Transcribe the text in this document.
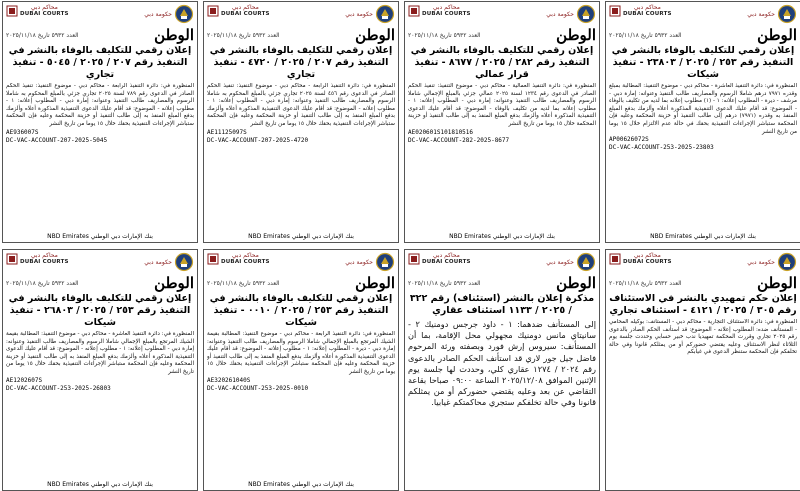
محاكم دبي
DUBAI COURTS	حكومة دبي
العدد ٥٩٣٢ تاريخ ٢٠٢٥/١١/١٨	الوطن
إعلان رقمي للتكليف بالوفاء بالنشر في التنفيذ رقم ٢٠٧ / ٢٠٢٥ / ٥٠٤٥ - تنفيذ تجاري
المنظورة في: دائرة التنفيذ الرابعة - محاكم دبي - موضوع التنفيذ: تنفيذ الحكم الصادر في الدعوى رقم ٧٨٩ لسنة ٢٠٢٥ تجاري جزئي بالمبلغ المحكوم به شاملا الرسوم والمصاريف طالب التنفيذ وعنوانه: إمارة دبي - المطلوب إعلانه: ١ - مطلوب إعلانه - الموضوع: قد أقام عليك الدعوى التنفيذية المذكورة أعلاه وألزمك بدفع المبلغ المنفذ به إلى طالب التنفيذ أو خزينة المحكمة وعليه فإن المحكمة ستباشر الإجراءات التنفيذية بحقك خلال ١٥ يوما من تاريخ النشر
AE936007S
DC-VAC-ACCOUNT-207-2025-5045
بنك الإمارات دبي الوطني NBD Emirates
محاكم دبي
DUBAI COURTS	حكومة دبي
العدد ٥٩٣٢ تاريخ ٢٠٢٥/١١/١٨	الوطن
إعلان رقمي للتكليف بالوفاء بالنشر في التنفيذ رقم ٢٠٧ / ٢٠٢٥ / ٤٧٢٠ - تنفيذ تجاري
المنظورة في: دائرة التنفيذ الرابعة - محاكم دبي - موضوع التنفيذ: تنفيذ الحكم الصادر في الدعوى رقم ٤٥٦ لسنة ٢٠٢٥ تجاري جزئي بالمبلغ المحكوم به شاملا الرسوم والمصاريف طالب التنفيذ وعنوانه: إمارة دبي - المطلوب إعلانه: ١ - مطلوب إعلانه - الموضوع: قد أقام عليك الدعوى التنفيذية المذكورة أعلاه وألزمك بدفع المبلغ المنفذ به إلى طالب التنفيذ أو خزينة المحكمة وعليه فإن المحكمة ستباشر الإجراءات التنفيذية بحقك خلال ١٥ يوما من تاريخ النشر
AE11125097S
DC-VAC-ACCOUNT-207-2025-4720
بنك الإمارات دبي الوطني NBD Emirates
محاكم دبي
DUBAI COURTS	حكومة دبي
العدد ٥٩٣٢ تاريخ ٢٠٢٥/١١/١٨	الوطن
إعلان رقمي للتكليف بالوفاء بالنشر في التنفيذ رقم ٢٨٢ / ٢٠٢٥ / ٨٦٧٧ - تنفيذ قرار عمالي
المنظورة في: دائرة التنفيذ العمالية - محاكم دبي - موضوع التنفيذ: تنفيذ الحكم الصادر في الدعوى رقم ١٢٣٤ لسنة ٢٠٢٥ عمالي جزئي بالمبلغ الإجمالي شاملا الرسوم والمصاريف طالب التنفيذ وعنوانه: إمارة دبي - المطلوب إعلانه: ١ - مطلوب إعلانه بما لديه من تكليف بالوفاء - الموضوع: قد أقام عليك الدعوى التنفيذية المذكورة أعلاه وألزمك بدفع المبلغ المنفذ به إلى طالب التنفيذ أو خزينة المحكمة خلال ١٥ يوما من تاريخ النشر
AE020601S101810516
DC-VAC-ACCOUNT-282-2025-8677
بنك الإمارات دبي الوطني NBD Emirates
محاكم دبي
DUBAI COURTS	حكومة دبي
العدد ٥٩٣٢ تاريخ ٢٠٢٥/١١/١٨	الوطن
إعلان رقمي للتكليف بالوفاء بالنشر في التنفيذ رقم ٢٥٣ / ٢٠٢٥ / ٢٣٨٠٣ - تنفيذ شيكات
المنظورة في: دائرة التنفيذ العاشرة - محاكم دبي - موضوع التنفيذ: المطالبة بمبلغ وقدره ٧٩٧١ درهم شاملا الرسوم والمصاريف طالب التنفيذ وعنوانه: إمارة دبي - مرشف - ديرة - المطلوب إعلانه: ١ - (١) مطلوب إعلانه بما لديه من تكليف بالوفاء - الموضوع: قد أقام عليك الدعوى التنفيذية المذكورة أعلاه وألزمك بدفع المبلغ المنفذ به وقدره (٧٩٧١) درهم إلى طالب التنفيذ أو خزينة المحكمة وعليه فإن المحكمة ستباشر الإجراءات التنفيذية بحقك في حالة عدم الالتزام خلال ١٥ يوما من تاريخ النشر
AP00626072S
DC-VAC-ACCOUNT-253-2025-23803
بنك الإمارات دبي الوطني NBD Emirates
محاكم دبي
DUBAI COURTS	حكومة دبي
العدد ٥٩٣٢ تاريخ ٢٠٢٥/١١/١٨	الوطن
إعلان رقمي للتكليف بالوفاء بالنشر في التنفيذ رقم ٢٥٣ / ٢٠٢٥ / ٢٦٨٠٣ - تنفيذ شيكات
المنظورة في: دائرة التنفيذ العاشرة - محاكم دبي - موضوع التنفيذ: المطالبة بقيمة الشيك المرتجع بالمبلغ الإجمالي شاملا الرسوم والمصاريف طالب التنفيذ وعنوانه: إمارة دبي - المطلوب إعلانه: ١ - مطلوب إعلانه - الموضوع: قد أقام عليك الدعوى التنفيذية المذكورة أعلاه وألزمك بدفع المبلغ المنفذ به إلى طالب التنفيذ أو خزينة المحكمة وعليه فإن المحكمة ستباشر الإجراءات التنفيذية بحقك خلال ١٥ يوما من تاريخ النشر
AE1202607S
DC-VAC-ACCOUNT-253-2025-26803
بنك الإمارات دبي الوطني NBD Emirates
محاكم دبي
DUBAI COURTS	حكومة دبي
العدد ٥٩٣٢ تاريخ ٢٠٢٥/١١/١٨	الوطن
إعلان رقمي للتكليف بالوفاء بالنشر في التنفيذ رقم ٢٥٣ / ٢٠٢٥ / ٠٠١٠ - تنفيذ شيكات
المنظورة في: دائرة التنفيذ الرابعة - محاكم دبي - موضوع التنفيذ: المطالبة بقيمة الشيك المرتجع بالمبلغ الإجمالي شاملا الرسوم والمصاريف طالب التنفيذ وعنوانه: إمارة دبي - ديرة - المطلوب إعلانه: ١ - مطلوب إعلانه - الموضوع: قد أقام عليك الدعوى التنفيذية المذكورة أعلاه وألزمك بدفع المبلغ المنفذ به إلى طالب التنفيذ أو خزينة المحكمة وعليه فإن المحكمة ستباشر الإجراءات التنفيذية بحقك خلال ١٥ يوما من تاريخ النشر
AE320261040S
DC-VAC-ACCOUNT-253-2025-0010
بنك الإمارات دبي الوطني NBD Emirates
محاكم دبي
DUBAI COURTS	حكومة دبي
العدد ٥٩٣٢ تاريخ ٢٠٢٥/١١/١٨	الوطن
مذكرة إعلان بالنشر (استئناف) رقم ٣٢٢ / ٢٠٢٥ / ١١٣٣ استئناف عقاري
إلى المستأنف ضدهما: ١ - داود جرجس دومنيك ٢ - سانيتاي مانس دومنيك مجهولي محل الإقامة، بما أن المستأنف: سيروس إرش فورد وبصفته ورثة المرحوم فاضل جيل جور لاري قد استأنف الحكم الصادر بالدعوى رقم ٢٠٢٤ / ١٢٧٤ عقاري كلي، وحددت لها جلسة يوم الإثنين الموافق ٢٠٢٥/١٢/٠٨ الساعة ٠٩:٠٠ صباحا بقاعة التقاضي عن بعد وعليه يقتضي حضوركم أو من يمثلكم قانونا وفي حالة تخلفكم ستجري محاكمتكم غيابيا.
محاكم دبي
DUBAI COURTS	حكومة دبي
العدد ٥٩٣٢ تاريخ ٢٠٢٥/١١/١٨	الوطن
إعلان حكم تمهيدي بالنشر في الاستئناف رقم ٣٠٥ / ٢٠٢٥ / ٤١٢١ - استئناف تجاري
المنظورة في: دائرة الاستئناف التجارية - محاكم دبي - المستأنف: بوكيله المحامي - المستأنف ضده: المطلوب إعلانه - الموضوع: قد استأنف الحكم الصادر بالدعوى رقم ٢٠٢٥ تجاري وقررت المحكمة تمهيديا ندب خبير حسابي وحددت جلسة يوم الثلاثاء لنظر الاستئناف وعليه يقتضي حضوركم أو من يمثلكم قانونا وفي حالة تخلفكم فإن المحكمة ستنظر الدعوى في غيابكم
